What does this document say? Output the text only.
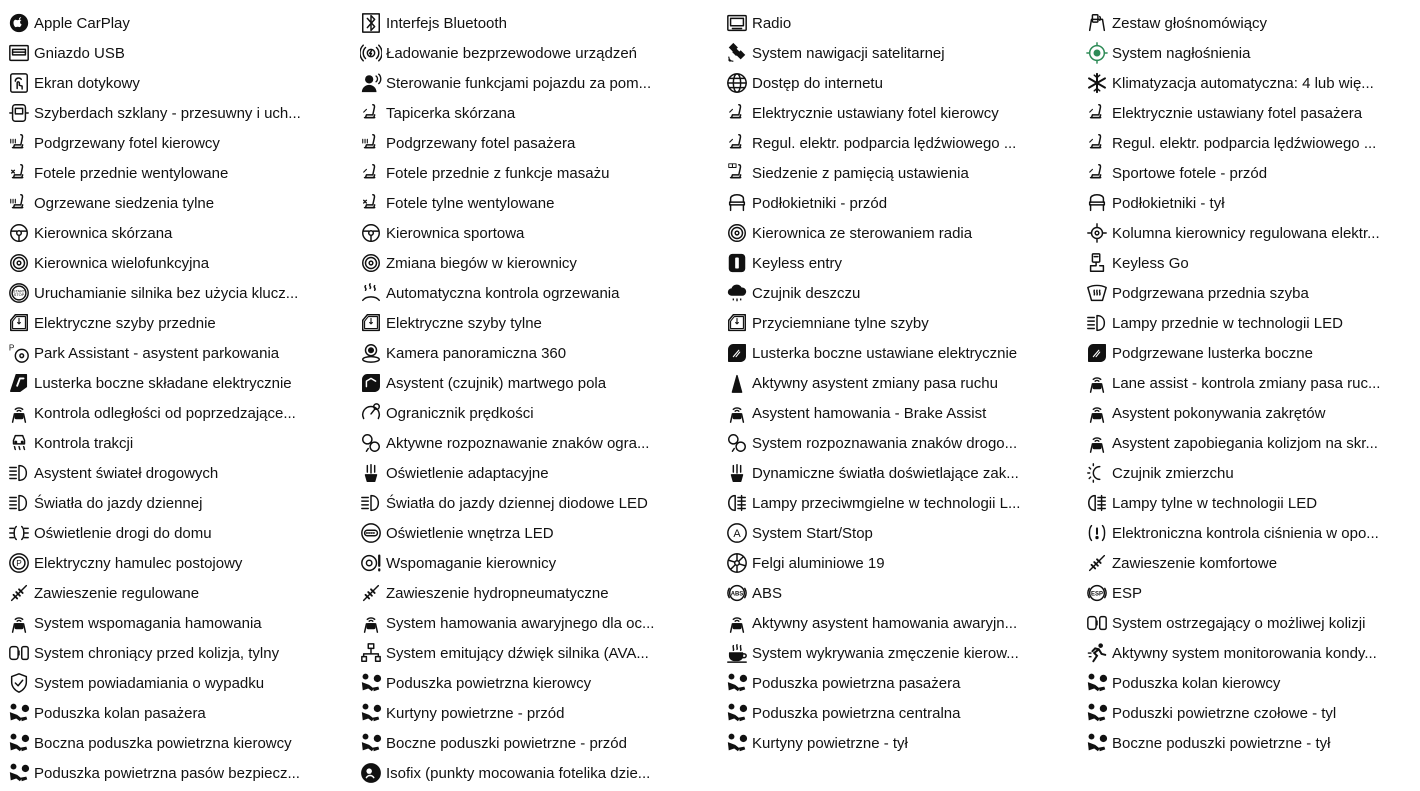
Apple CarPlay
Gniazdo USB
Ekran dotykowy
Szyberdach szklany - przesuwny i uch...
Podgrzewany fotel kierowcy
Fotele przednie wentylowane
Ogrzewane siedzenia tylne
Kierownica skórzana
Kierownica wielofunkcyjna
START
STOP Uruchamianie silnika bez użycia klucz...
Elektryczne szyby przednie
P Park Assistant - asystent parkowania
Lusterka boczne składane elektrycznie
Kontrola odległości od poprzedzające...
Kontrola trakcji
Asystent świateł drogowych
Światła do jazdy dziennej
Oświetlenie drogi do domu
P Elektryczny hamulec postojowy
Zawieszenie regulowane
System wspomagania hamowania
System chroniący przed kolizja, tylny
System powiadamiania o wypadku
Poduszka kolan pasażera
Boczna poduszka powietrzna kierowcy
Poduszka powietrzna pasów bezpiecz...
Interfejs Bluetooth
Ładowanie bezprzewodowe urządzeń
Sterowanie funkcjami pojazdu za pom...
Tapicerka skórzana
Podgrzewany fotel pasażera
Fotele przednie z funkcje masażu
Fotele tylne wentylowane
Kierownica sportowa
Zmiana biegów w kierownicy
Automatyczna kontrola ogrzewania
Elektryczne szyby tylne
Kamera panoramiczna 360
Asystent (czujnik) martwego pola
Ogranicznik prędkości
Aktywne rozpoznawanie znaków ogra...
Oświetlenie adaptacyjne
Światła do jazdy dziennej diodowe LED
Oświetlenie wnętrza LED
Wspomaganie kierownicy
Zawieszenie hydropneumatyczne
System hamowania awaryjnego dla oc...
System emitujący dźwięk silnika (AVA...
Poduszka powietrzna kierowcy
Kurtyny powietrzne - przód
Boczne poduszki powietrzne - przód
Isofix (punkty mocowania fotelika dzie...
Radio
System nawigacji satelitarnej
Dostęp do internetu
Elektrycznie ustawiany fotel kierowcy
Regul. elektr. podparcia lędźwiowego ...
Siedzenie z pamięcią ustawienia
Podłokietniki - przód
Kierownica ze sterowaniem radia
Keyless entry
Czujnik deszczu
Przyciemniane tylne szyby
Lusterka boczne ustawiane elektrycznie
Aktywny asystent zmiany pasa ruchu
Asystent hamowania - Brake Assist
System rozpoznawania znaków drogo...
Dynamiczne światła doświetlające zak...
Lampy przeciwmgielne w technologii L...
A System Start/Stop
Felgi aluminiowe 19
ABS ABS
Aktywny asystent hamowania awaryjn...
System wykrywania zmęczenie kierow...
Poduszka powietrzna pasażera
Poduszka powietrzna centralna
Kurtyny powietrzne - tył
Zestaw głośnomówiący
System nagłośnienia
Klimatyzacja automatyczna: 4 lub wię...
Elektrycznie ustawiany fotel pasażera
Regul. elektr. podparcia lędźwiowego ...
Sportowe fotele - przód
Podłokietniki - tył
Kolumna kierownicy regulowana elektr...
Keyless Go
Podgrzewana przednia szyba
Lampy przednie w technologii LED
Podgrzewane lusterka boczne
Lane assist - kontrola zmiany pasa ruc...
Asystent pokonywania zakrętów
Asystent zapobiegania kolizjom na skr...
Czujnik zmierzchu
Lampy tylne w technologii LED
Elektroniczna kontrola ciśnienia w opo...
Zawieszenie komfortowe
ESP ESP
System ostrzegający o możliwej kolizji
Aktywny system monitorowania kondy...
Poduszka kolan kierowcy
Poduszki powietrzne czołowe - tyl
Boczne poduszki powietrzne - tył
